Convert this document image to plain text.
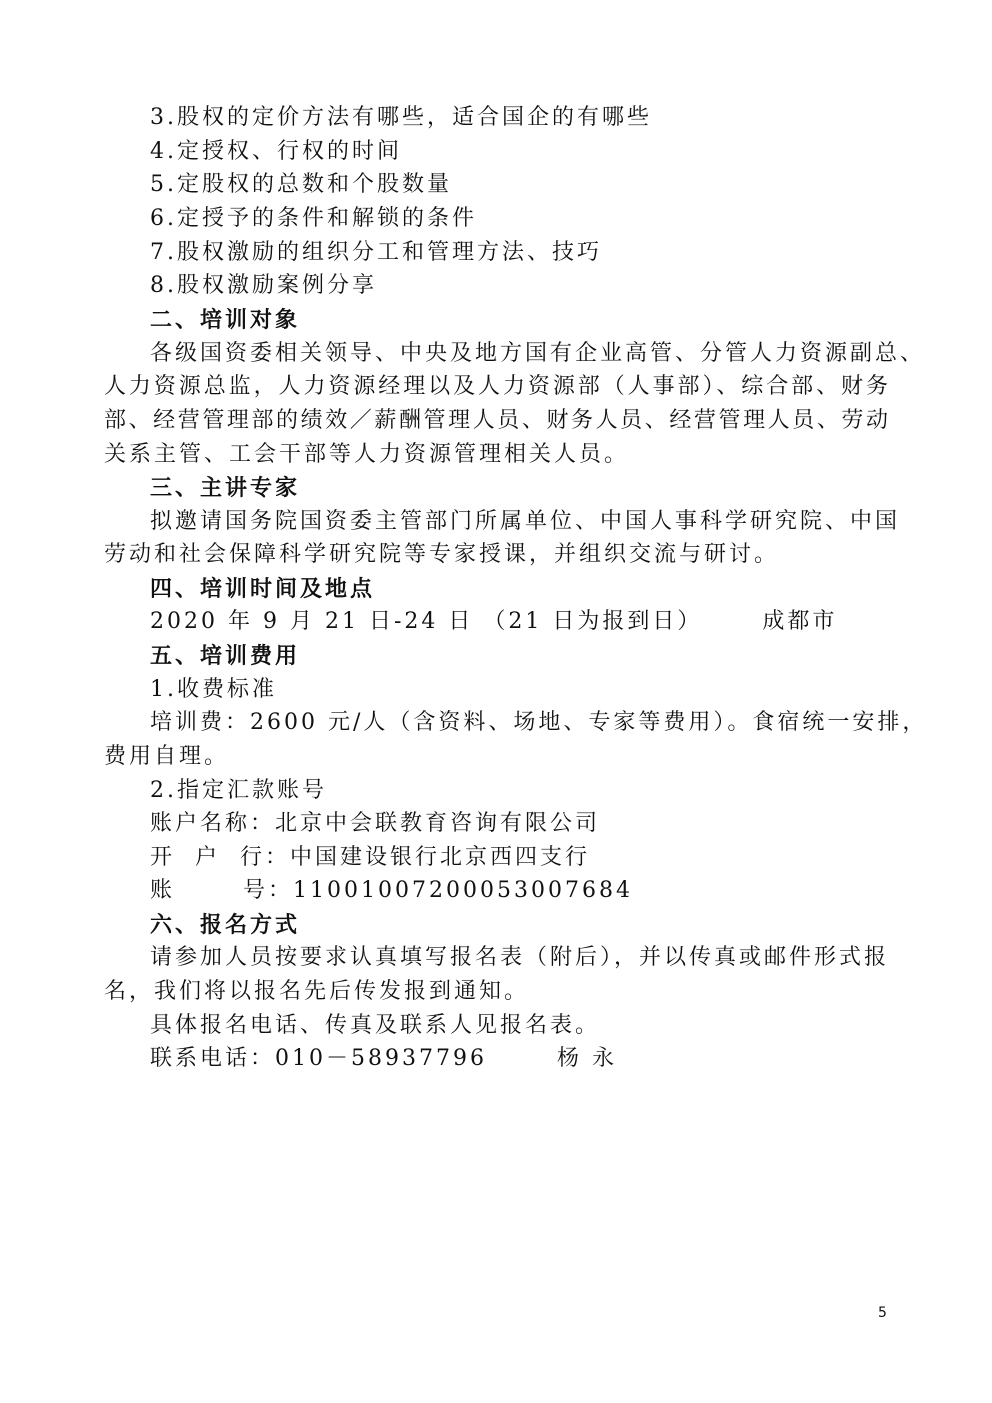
3.股权的定价方法有哪些，适合国企的有哪些
4.定授权、行权的时间
5.定股权的总数和个股数量
6.定授予的条件和解锁的条件
7.股权激励的组织分工和管理方法、技巧
8.股权激励案例分享
二、培训对象
各级国资委相关领导、中央及地方国有企业高管、分管人力资源副总、
人力资源总监，人力资源经理以及人力资源部（人事部）、综合部、财务
部、经营管理部的绩效／薪酬管理人员、财务人员、经营管理人员、劳动
关系主管、工会干部等人力资源管理相关人员。
三、主讲专家
拟邀请国务院国资委主管部门所属单位、中国人事科学研究院、中国
劳动和社会保障科学研究院等专家授课，并组织交流与研讨。
四、培训时间及地点
2020 年 9 月 21 日-24 日 （21 日为报到日）	成都市
五、培训费用
1.收费标准
培训费：2600 元/人（含资料、场地、专家等费用）。食宿统一安排，
费用自理。
2.指定汇款账号
账户名称：北京中会联教育咨询有限公司
开 户 行：中国建设银行北京西四支行
账	号：11001007200053007684
六、报名方式
请参加人员按要求认真填写报名表（附后），并以传真或邮件形式报
名，我们将以报名先后传发报到通知。
具体报名电话、传真及联系人见报名表。
联系电话：010－58937796	杨 永
5
